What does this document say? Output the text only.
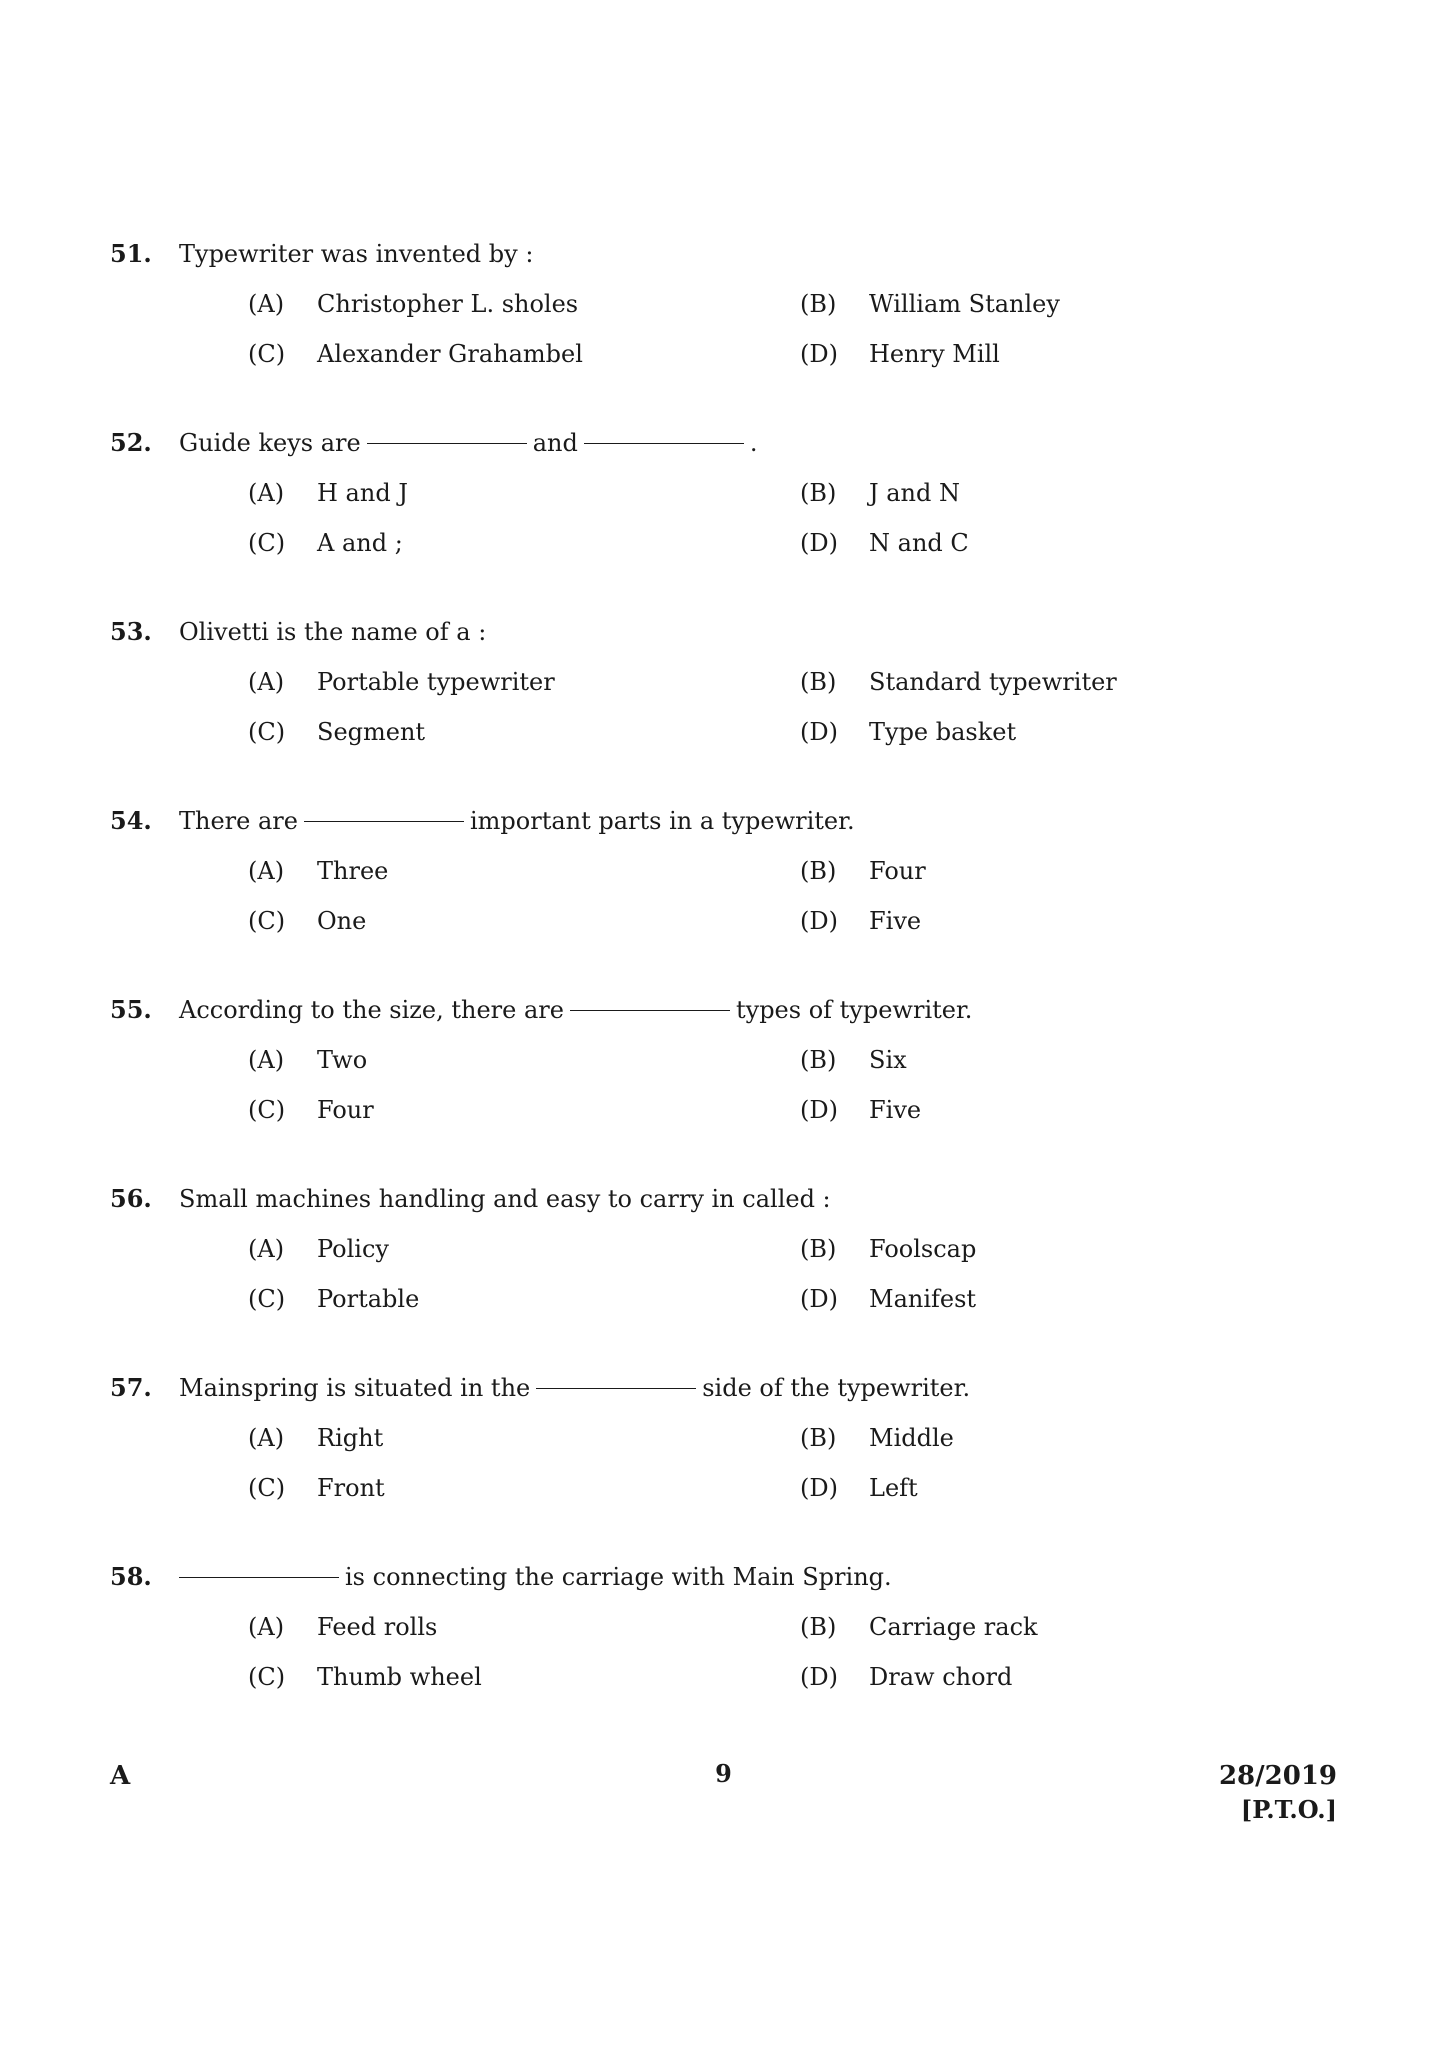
51. Typewriter was invented by :
(A) Christopher L. sholes	(B) William Stanley
(C) Alexander Grahambel	(D) Henry Mill
52. Guide keys are	and	.
(A) H and J	(B) J and N
(C) A and ;	(D) N and C
53. Olivetti is the name of a :
(A) Portable typewriter	(B) Standard typewriter
(C) Segment	(D) Type basket
54. There are	important parts in a typewriter.
(A) Three	(B) Four
(C) One	(D) Five
55. According to the size, there are	types of typewriter.
(A) Two	(B) Six
(C) Four	(D) Five
56. Small machines handling and easy to carry in called :
(A) Policy	(B) Foolscap
(C) Portable	(D) Manifest
57. Mainspring is situated in the	side of the typewriter.
(A) Right	(B) Middle
(C) Front	(D) Left
58.	is connecting the carriage with Main Spring.
(A) Feed rolls	(B) Carriage rack
(C) Thumb wheel	(D) Draw chord
A	9	28/2019
[P.T.O.]
